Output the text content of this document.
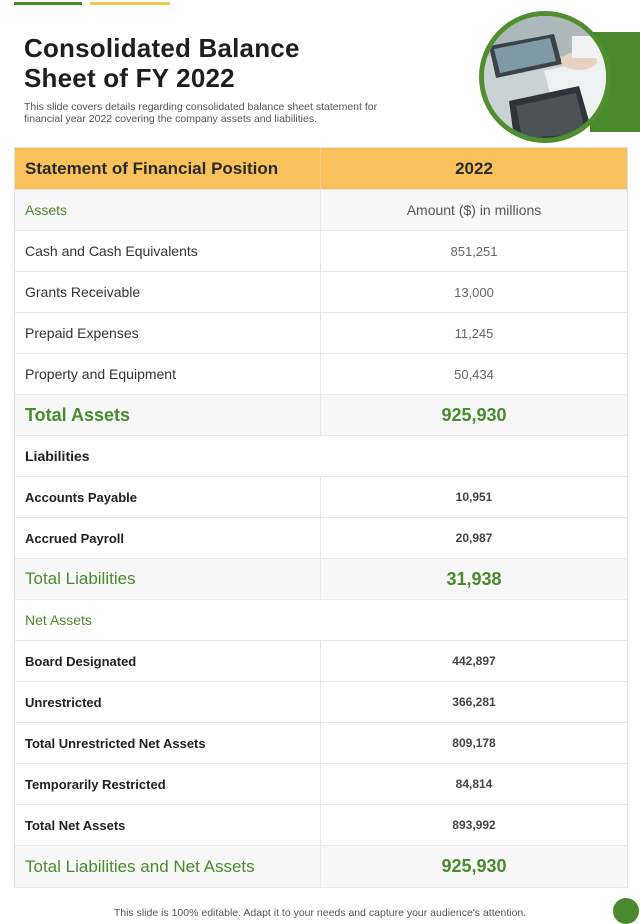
Consolidated Balance Sheet of FY 2022
This slide covers details regarding consolidated balance sheet statement for financial year 2022 covering the company assets and liabilities.
Statement of Financial Position	2022
Assets	Amount ($) in millions
Cash and Cash Equivalents	851,251
Grants Receivable	13,000
Prepaid Expenses	11,245
Property and Equipment	50,434
Total Assets	925,930
Liabilities
Accounts Payable	10,951
Accrued Payroll	20,987
Total Liabilities	31,938
Net Assets
Board Designated	442,897
Unrestricted	366,281
Total Unrestricted Net Assets	809,178
Temporarily Restricted	84,814
Total Net Assets	893,992
Total Liabilities and Net Assets	925,930
This slide is 100% editable. Adapt it to your needs and capture your audience's attention.
